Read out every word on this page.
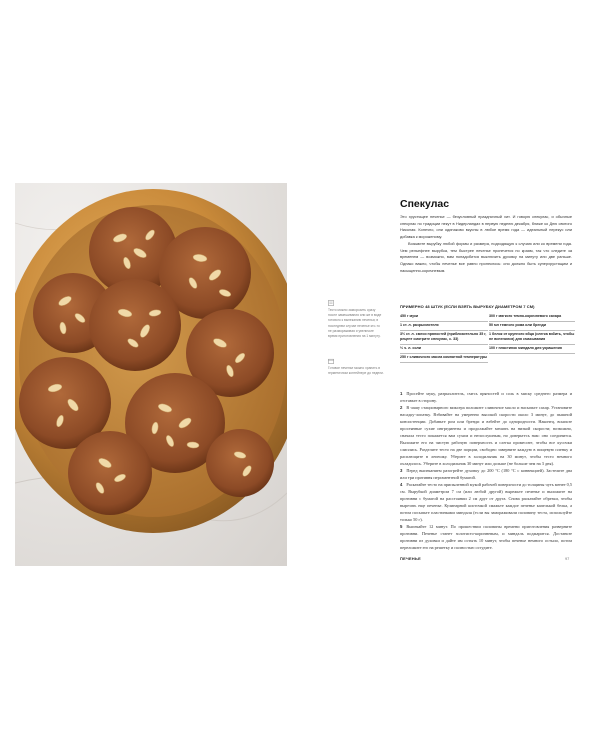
Тесто можно заморозить сразу после замешивания или же в виде готового к выпеканию печенья; в последнем случае печенье кто-то не размораживая и увеличьте время приготовления на 1 минуту.
Готовое печенье можно хранить в герметичном контейнере до недели.
Спекулас

Это хрустящее печенье — безусловный праздничный хит. И говорю спекулас, и обычные спекулас по традиции пекут в Нидерландах в первую неделю декабря, ближе ко Дню святого Николая. Конечно, они одинаково вкусны в любое время года — идеальный перекус или добавка к мороженому.

Возьмите вырубку любой формы и размера, подходящую к случаю или ко времени года. Чем рельефнее вырубка, тем быстрее печенье пропечется по краям, так что следите за временем — возможно, вам понадобится выключить духовку на минуту или две раньше. Однако важно, чтобы печенье все равно пропеклось: оно должно быть суперхрустящим и насыщенно-коричневым.

ПРИМЕРНО 48 ШТУК (ЕСЛИ ВЗЯТЬ ВЫРУБКУ ДИАМЕТРОМ 7 СМ)
450 г муки
1 ст. л. разрыхлителя
3½ ст. л. смеси пряностей (приблизительно 35 г, рецепт смотрите спекулас, с. 33)
⅓ ч. л. соли
250 г сливочного масла комнатной температуры
300 г мягкого темно-коричневого сахара
50 мл темного рома или бренди
1 белок от крупного яйца (слегка взбить, чтобы не вспенился) для смазывания
100 г пластинок миндаля для украшения

1 Просейте муку, разрыхлитель, смесь пряностей и соль в миску среднего размера и отставьте в сторону.

2 В чашу стационарного миксера положите сливочное масло и насыпьте сахар. Установите насадку-лопатку. Взбивайте на умеренно высокой скорости около 3 минут, до пышной консистенции. Добавьте ром или бренди и взбейте до однородности. Наконец, всыпьте просеянные сухие ингредиенты и продолжайте мешать на низкой скорости; возможно, сначала тесто покажется вам сухим и непослушным, но доверьтесь нам: оно соединится. Выложите его на чистую рабочую поверхность и слегка промесите, чтобы все кусочки слиплись. Разделите тесто на две порции, свободно заверните каждую в пищевую пленку и расплющите в лепешку. Уберите в холодильник на 30 минут, чтобы тесто немного охладилось. Уберите в холодильник 30 минут или дольше (не больше чем на 3 дня).

3 Перед выпеканием разогрейте духовку до 200 °C (180 °C с конвекцией). Застелите два или три противня пергаментной бумагой.

4 Раскатайте тесто на припыленной мукой рабочей поверхности до толщины чуть менее 0,5 см. Вырубкой диаметром 7 см (или любой другой) вырежьте печенье и выложите на противни с бумагой на расстоянии 2 см друг от друга. Снова раскатайте обрезки, чтобы вырезать еще печенье. Кулинарной кисточкой смажьте каждое печенье капелькой белка, а потом посыпьте пластинками миндаля (если вы замораживали половину теста, используйте только 50 г).

5 Выпекайте 12 минут. По прошествии половины времени приготовления разверните противни. Печенье станет золотисто-коричневым, и миндаль поджарится. Достаньте противни из духовки и дайте им остыть 10 минут, чтобы печенье немного остыло, потом переложите его на решетку и полностью остудите.

ПЕЧЕНЬЕ	97
